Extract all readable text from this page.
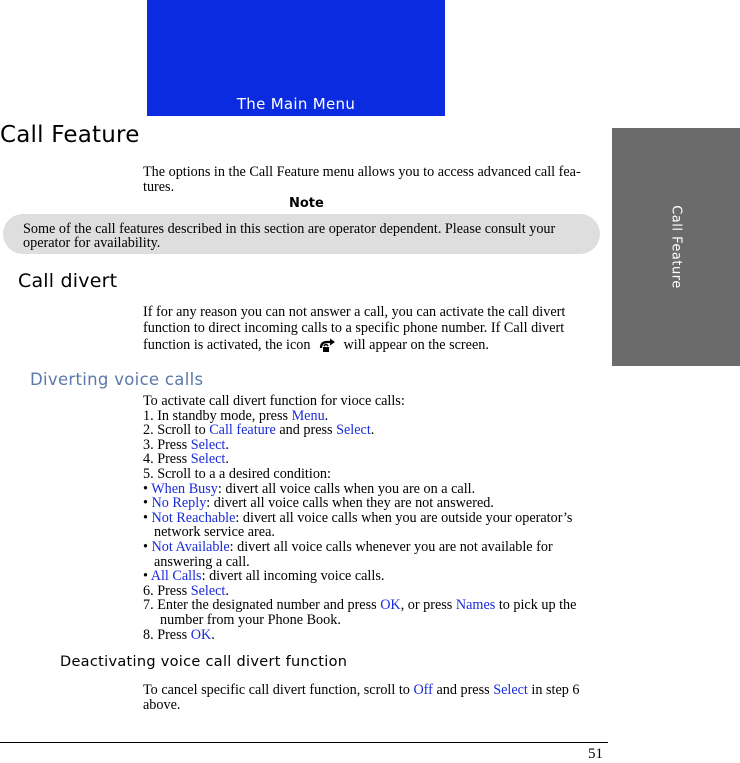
The Main Menu
Call Feature
Call Feature
The options in the Call Feature menu allows you to access advanced call fea-
tures.
Note
Some of the call features described in this section are operator dependent. Please consult your
operator for availability.
Call divert
If for any reason you can not answer a call, you can activate the call divert
function to direct incoming calls to a specific phone number. If Call divert
function is activated, the icon will appear on the screen.
Diverting voice calls
To activate call divert function for vioce calls:
1. In standby mode, press Menu.
2. Scroll to Call feature and press Select.
3. Press Select.
4. Press Select.
5. Scroll to a a desired condition:
• When Busy: divert all voice calls when you are on a call.
• No Reply: divert all voice calls when they are not answered.
• Not Reachable: divert all voice calls when you are outside your operator’s
network service area.
• Not Available: divert all voice calls whenever you are not available for
answering a call.
• All Calls: divert all incoming voice calls.
6. Press Select.
7. Enter the designated number and press OK, or press Names to pick up the
number from your Phone Book.
8. Press OK.
Deactivating voice call divert function
To cancel specific call divert function, scroll to Off and press Select in step 6
above.
51
